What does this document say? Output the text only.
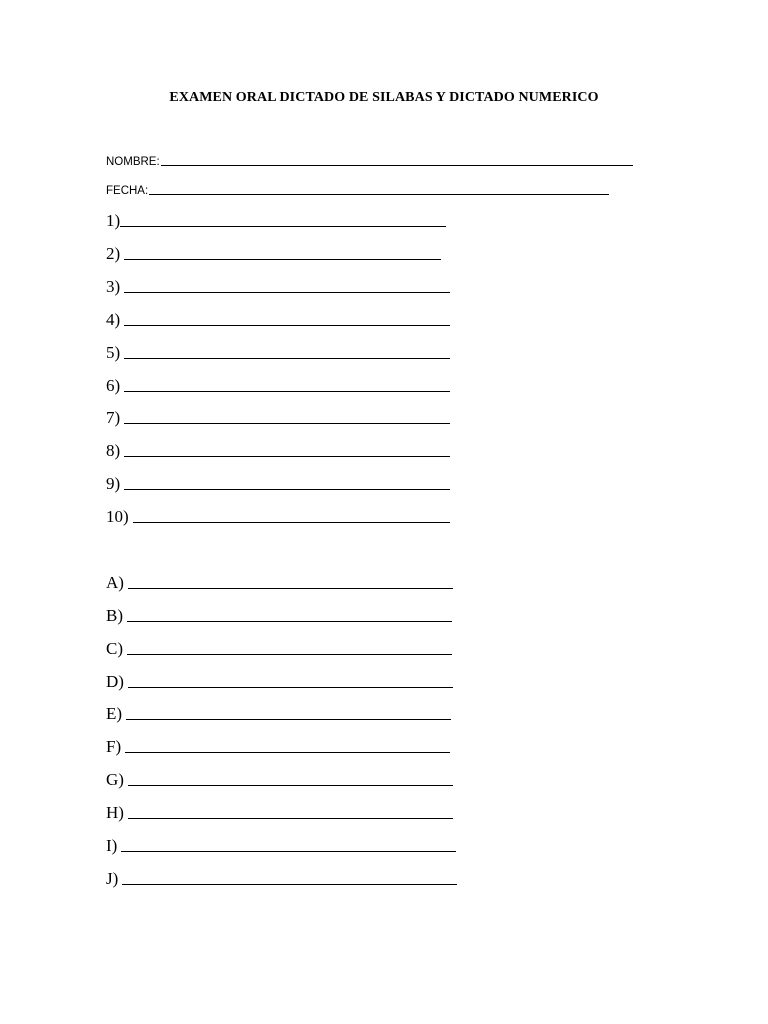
EXAMEN ORAL DICTADO DE SILABAS Y DICTADO NUMERICO
NOMBRE:
FECHA:
1)
2)
3)
4)
5)
6)
7)
8)
9)
10)
A)
B)
C)
D)
E)
F)
G)
H)
I)
J)
